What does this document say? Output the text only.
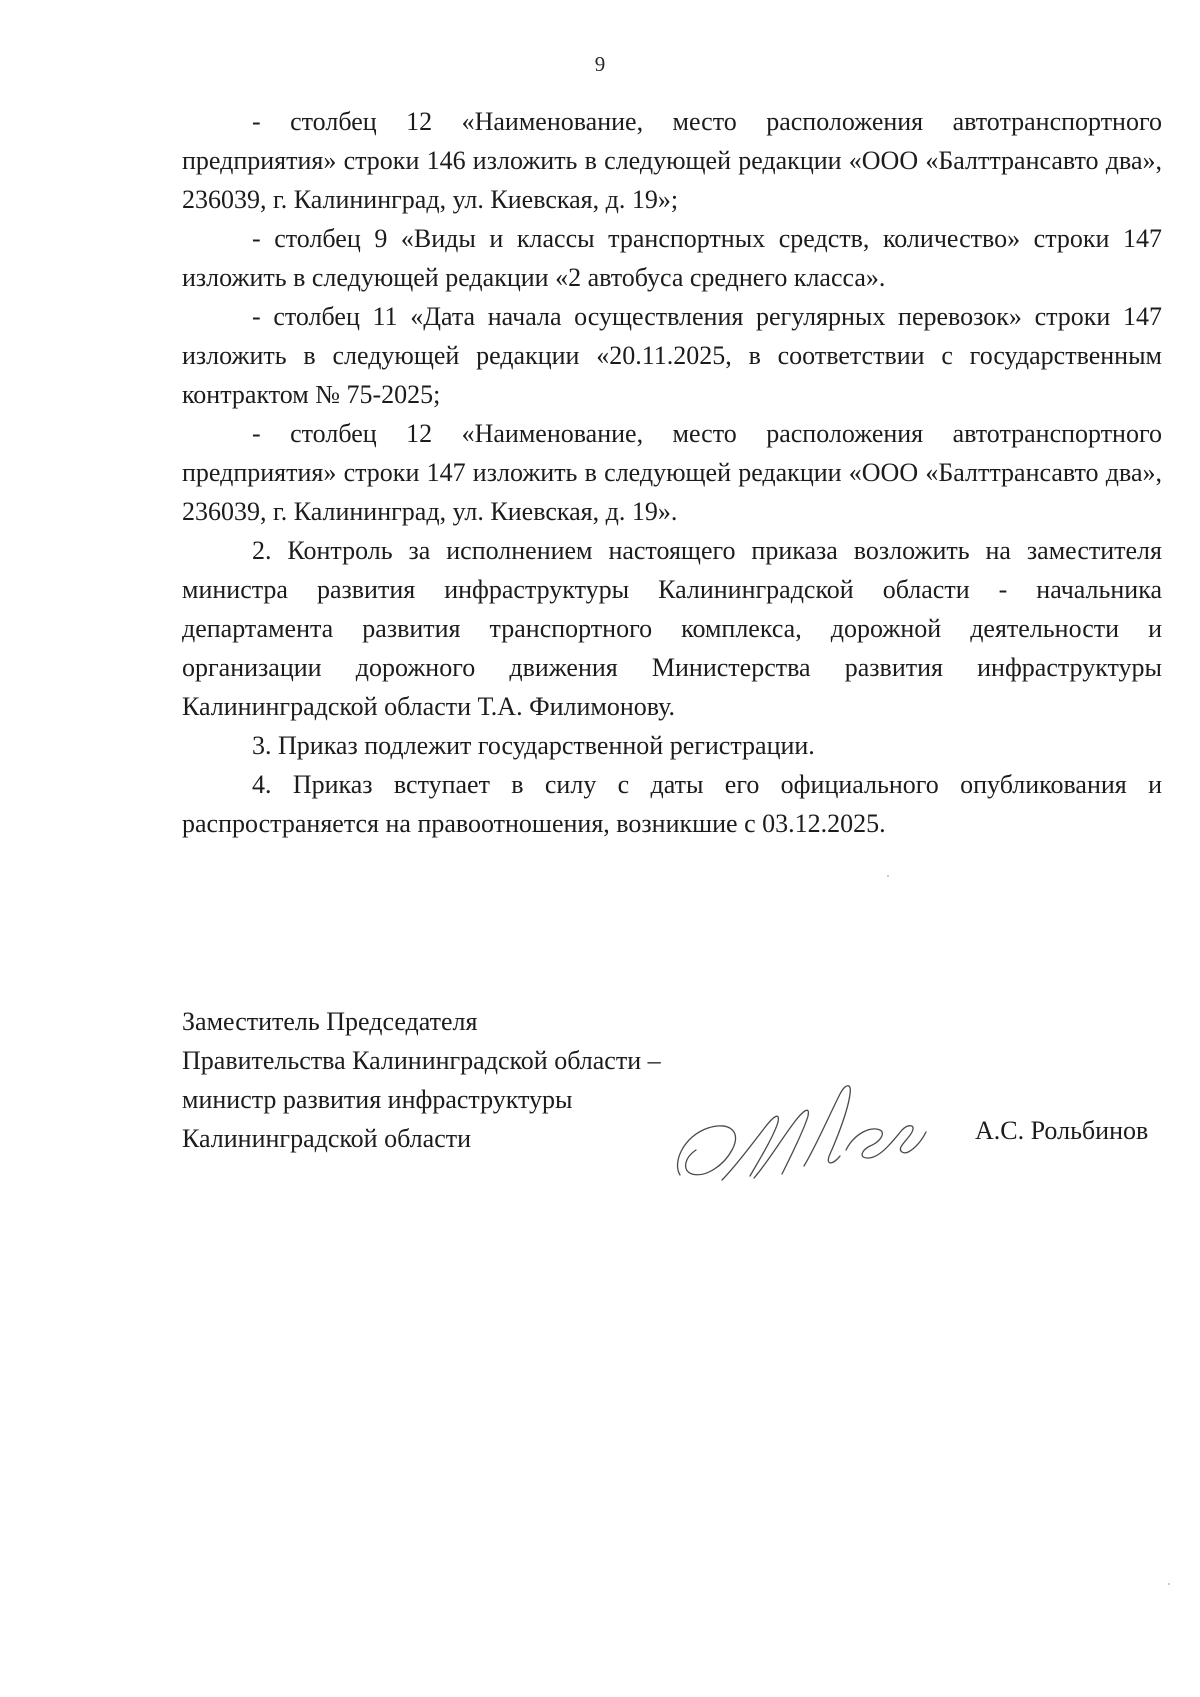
9

- столбец 12 «Наименование, место расположения автотранспортного предприятия» строки 146 изложить в следующей редакции «ООО «Балттрансавто два», 236039, г. Калининград, ул. Киевская, д. 19»;

- столбец 9 «Виды и классы транспортных средств, количество» строки 147 изложить в следующей редакции «2 автобуса среднего класса».

- столбец 11 «Дата начала осуществления регулярных перевозок» строки 147 изложить в следующей редакции «20.11.2025, в соответствии с государственным контрактом № 75-2025;

- столбец 12 «Наименование, место расположения автотранспортного предприятия» строки 147 изложить в следующей редакции «ООО «Балттрансавто два», 236039, г. Калининград, ул. Киевская, д. 19».

2. Контроль за исполнением настоящего приказа возложить на заместителя министра развития инфраструктуры Калининградской области - начальника департамента развития транспортного комплекса, дорожной деятельности и организации дорожного движения Министерства развития инфраструктуры Калининградской области Т.А. Филимонову.

3. Приказ подлежит государственной регистрации.

4. Приказ вступает в силу с даты его официального опубликования и распространяется на правоотношения, возникшие с 03.12.2025.

Заместитель Председателя
Правительства Калининградской области –
министр развития инфраструктуры
Калининградской области	А.С. Рольбинов
